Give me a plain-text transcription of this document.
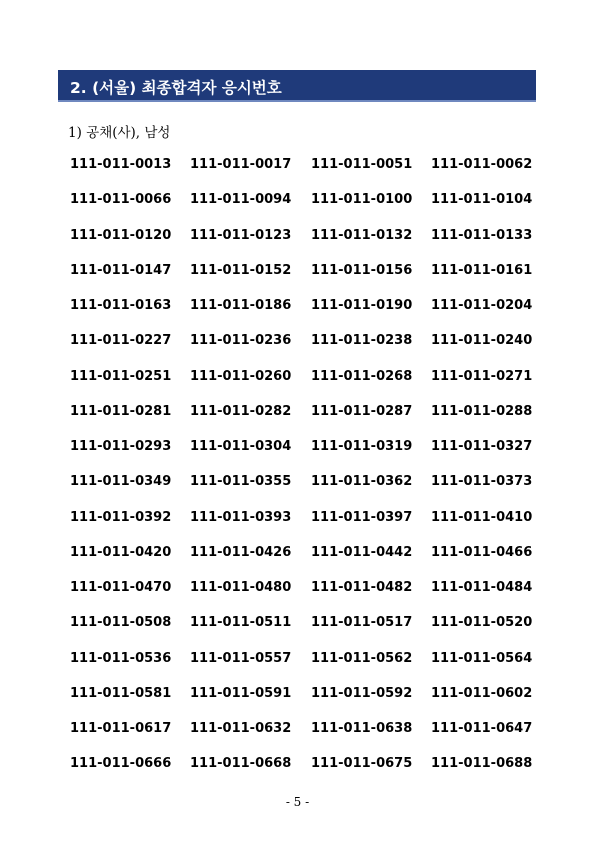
2. (서울) 최종합격자 응시번호
1) 공채(사), 남성
111-011-0013	111-011-0017	111-011-0051	111-011-0062
111-011-0066	111-011-0094	111-011-0100	111-011-0104
111-011-0120	111-011-0123	111-011-0132	111-011-0133
111-011-0147	111-011-0152	111-011-0156	111-011-0161
111-011-0163	111-011-0186	111-011-0190	111-011-0204
111-011-0227	111-011-0236	111-011-0238	111-011-0240
111-011-0251	111-011-0260	111-011-0268	111-011-0271
111-011-0281	111-011-0282	111-011-0287	111-011-0288
111-011-0293	111-011-0304	111-011-0319	111-011-0327
111-011-0349	111-011-0355	111-011-0362	111-011-0373
111-011-0392	111-011-0393	111-011-0397	111-011-0410
111-011-0420	111-011-0426	111-011-0442	111-011-0466
111-011-0470	111-011-0480	111-011-0482	111-011-0484
111-011-0508	111-011-0511	111-011-0517	111-011-0520
111-011-0536	111-011-0557	111-011-0562	111-011-0564
111-011-0581	111-011-0591	111-011-0592	111-011-0602
111-011-0617	111-011-0632	111-011-0638	111-011-0647
111-011-0666	111-011-0668	111-011-0675	111-011-0688
- 5 -
